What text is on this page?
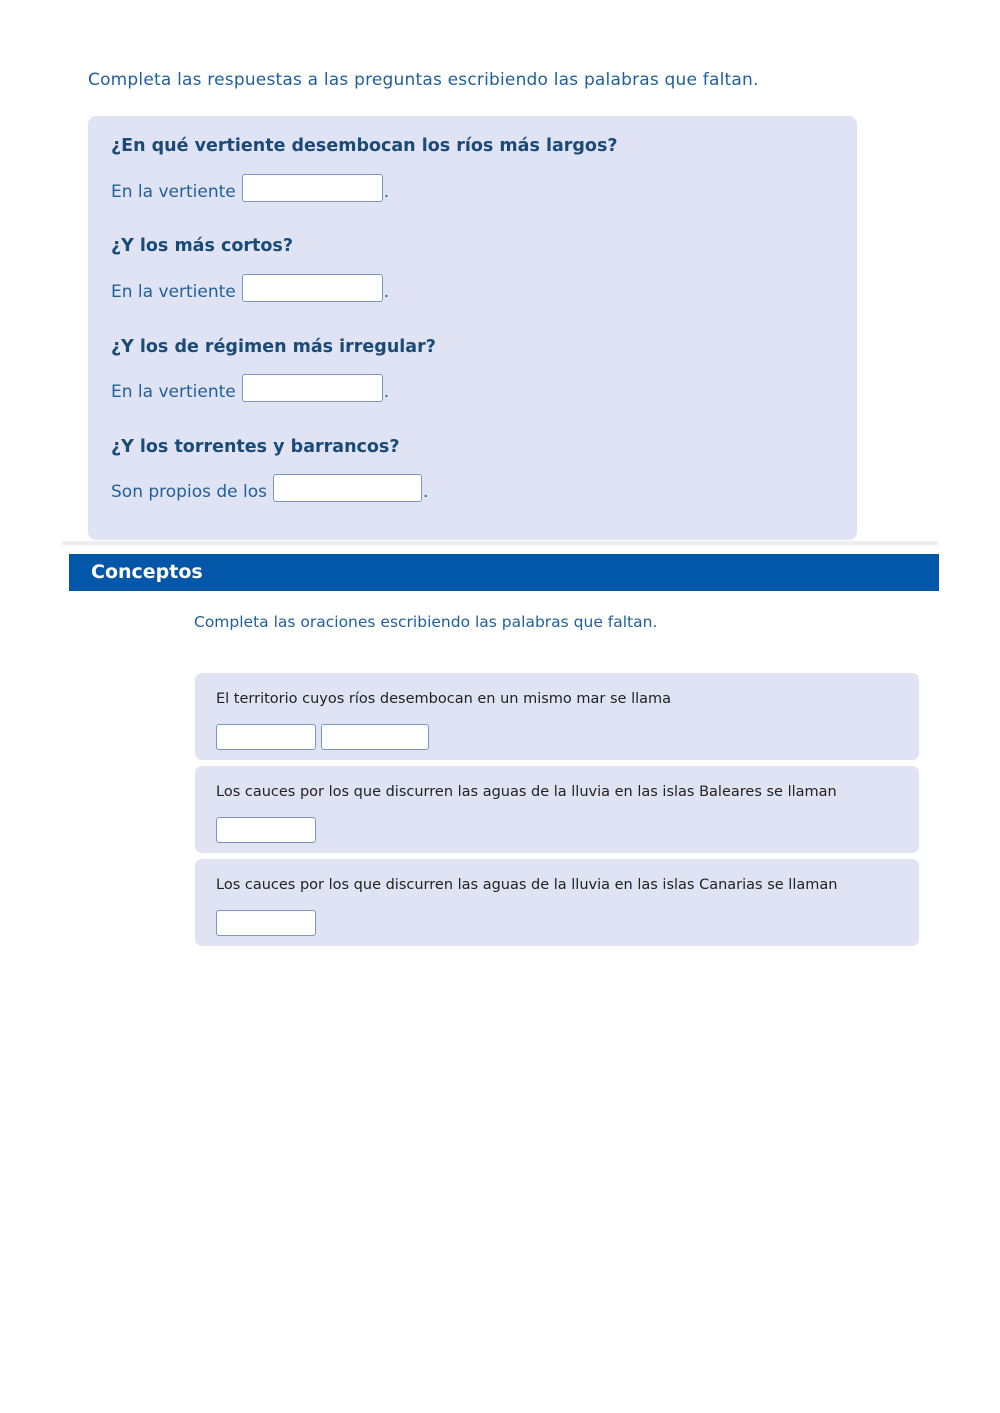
Completa las respuestas a las preguntas escribiendo las palabras que faltan.
¿En qué vertiente desembocan los ríos más largos?
En la vertiente	.
¿Y los más cortos?
En la vertiente	.
¿Y los de régimen más irregular?
En la vertiente	.
¿Y los torrentes y barrancos?
Son propios de los	.
Conceptos
Completa las oraciones escribiendo las palabras que faltan.
El territorio cuyos ríos desembocan en un mismo mar se llama
Los cauces por los que discurren las aguas de la lluvia en las islas Baleares se llaman
Los cauces por los que discurren las aguas de la lluvia en las islas Canarias se llaman
